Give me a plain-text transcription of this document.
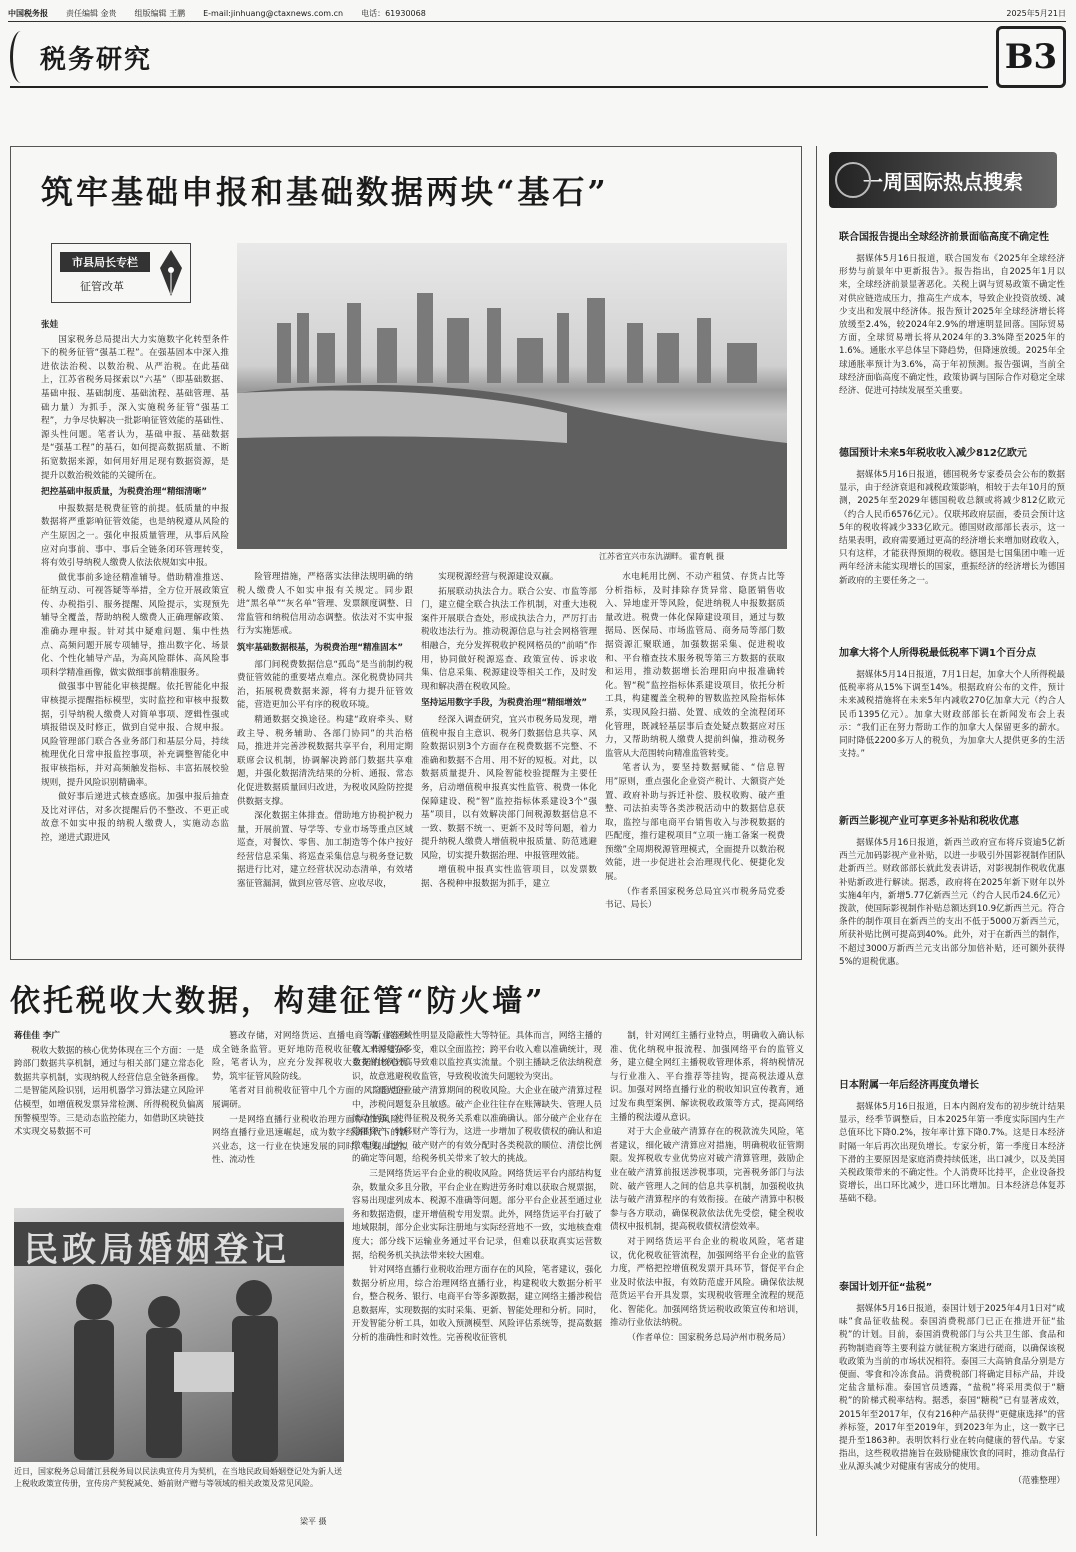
中国税务报 责任编辑 金贵 组版编辑 王鹏 E-mail:jinhuang@ctaxnews.com.cn 电话：61930068	2025年5月21日
税务研究	B3
筑牢基础申报和基础数据两块“基石”
市县局长专栏
征管改革
江苏省宜兴市东氿湖畔。 霍育帆 摄

张娃

国家税务总局提出大力实施数字化转型条件下的税务征管“强基工程”。在强基固本中深入推进依法治税、以数治税、从严治税。在此基础上，江苏省税务局探索以“六基”（即基础数据、基础申报、基础制度、基础流程、基础管理、基础力量）为抓手，深入实施税务征管“强基工程”，力争尽快解决一批影响征管效能的基础性、源头性问题。笔者认为，基础申报、基础数据是“强基工程”的基石，如何提高数据质量、不断拓宽数据来源，如何用好用足现有数据资源，是提升以数治税效能的关键所在。

把控基础申报质量，为税费治理“精细清晰”

申报数据是税费征管的前提。低质量的申报数据将严重影响征管效能，也是纳税遵从风险的产生原因之一。强化申报质量管理，从事后风险应对向事前、事中、事后全链条闭环管理转变，将有效引导纳税人缴费人依法依规如实申报。

做优事前多途径精准辅导。借助精准推送、征纳互动、可视答疑等举措，全方位开展政策宣传、办税指引、服务提醒、风险提示，实现预先辅导全覆盖，帮助纳税人缴费人正确理解政策、准确办理申报。针对其中疑难问题、集中性热点、高频问题开展专项辅导，推出数字化、场景化、个性化辅导产品，为高风险群体、高风险事项科学精准画像，做实做细事前精准服务。

做强事中智能化审核提醒。依托智能化申报审核提示提醒指标模型，实时监控和审核申报数据，引导纳税人缴费人对简单事项、逻辑性强或填报错误及时修正，做到自觉申报、合规申报。风险管理部门联合各业务部门和基层分局，持续梳理优化日常申报监控事项，补充调整智能化申报审核指标，并对高频触发指标、丰富拓展校验规则，提升风险识别精确率。

做好事后递进式核查感底。加强申报后抽查及比对评估，对多次提醒后仍不整改、不更正或故意不如实申报的纳税人缴费人，实施动态监控，递进式跟进风

险管理措施，严格落实法律法规明确的纳税人缴费人不如实申报有关规定。同步跟进“黑名单”“灰名单”管理、发票额度调整、日常监管和纳税信用动态调整。依法对不实申报行为实施惩戒。

筑牢基础数据根基，为税费治理“精准固本”

部门间税费数据信息“孤岛”是当前制约税费征管效能的重要堵点难点。深化税费协同共治，拓展税费数据来源，将有力提升征管效能，营造更加公平有序的税收环境。

精通数据交换途径。构建“政府牵头、财政主导、税务辅助、各部门协同”的共治格局，推进并完善涉税数据共享平台，利用定期联席会议机制，协调解决跨部门数据共享难题，并强化数据清洗结果的分析、通报、常态化促进数据质量回归改进，为税收风险防控提供数据支撑。

深化数据主体排查。借助地方协税护税力量，开展前置、导学等、专业市场等重点区域巡查，对餐饮、零售、加工制造等个体户按好经营信息采集、将巡查采集信息与税务登记数据进行比对，建立经营状况动态清单，有效堵塞征管漏洞，做到应管尽管、应收尽收，

实现税源经营与税源建设双赢。

拓展联动执法合力。联合公安、市监等部门，建立健全联合执法工作机制，对重大违税案件开展联合查处，形成执法合力，严厉打击税收违法行为。推动税源信息与社会网格管理相融合，充分发挥税收护税网格员的“前哨”作用，协同做好税源巡查、政策宣传、诉求收集、信息采集、税源建设等相关工作，及时发现和解决潜在税收风险。

坚持运用数字手段，为税费治理“精细增效”

经深入调查研究，宜兴市税务局发现，增值税申报自主意识、税务门数据信息共享、风险数据识别3个方面存在税费数据不完整、不准确和数据不合用、用不好的短板。对此，以数据质量提升、风险智能校验提醒为主要任务，启动增值税申报真实性监管、税费一体化保障建设、税“智”监控指标体系建设3个“强基”项目，以有效解决部门间税源数据信息不一致、数据不统一、更新不及时等问题，着力提升纳税人缴费人增值税申报质量、防范逃避风险，切实提升数据治理、申报管理效能。

增值税申报真实性监管项目，以发票数据、各税种申报数据为抓手，建立

水电耗用比例、不动产租赁、存货占比等分析指标，及时排除存货异常、隐匿销售收入、异地虚开等风险，促进纳税人申报数据质量改进。税费一体化保障建设项目，通过与数据局、医保局、市场监管局、商务局等部门数据资源汇聚联通，加强数据采集、促进税收和、平台稽查技术服务税等第三方数据的获取和运用，推动数据增长治理阳向申报准确转化。智“税”监控指标体系建设项目，依托分析工具，构建覆盖全税种的智数监控风险指标体系，实现风险扫描、处置、成效的全流程闭环化管理，既减轻基层事后查处疑点数据应对压力，又帮助纳税人缴费人提前纠偏，推动税务监管从大范围转向精准监管转变。

笔者认为，要坚持数据赋能、“信息智用”原则，重点强化企业资产税计、大额资产处置、政府补助与拆迁补偿、股权收购、破产重整、司法拍卖等各类涉税活动中的数据信息获取，监控与部电商平台销售收入与涉税数据的匹配度，推行建税项目“立项一施工备案一税费预缴”全周期税源管理模式，全面提升以数治税效能，进一步促进社会治理现代化、便捷化发展。

（作者系国家税务总局宜兴市税务局党委书记、局长）

依托税收大数据，构建征管“防火墙”

蒋佳佳 李广

税收大数据的核心优势体现在三个方面：一是跨部门数据共享机制，通过与相关部门建立常态化数据共享机制，实现纳税人经营信息全链条画像。二是智能风险识别，运用机器学习算法建立风险评估模型，如增值税发票异常检测、所得税税负偏离预警模型等。三是动态监控能力，如借助区块链技术实现交易数据不可

篡改存储，对网络货运、直播电商等新业态形成全链条监管。更好地防范税收征管工作中的风险，笔者认为，应充分发挥税收大数据的核心优势，筑牢征管风险防线。

笔者对目前税收征管中几个方面的风险隐患开展调研。

一是网络直播行业税收治理方面存在的风险。网络直播行业迅速崛起，成为数字经济时代下的新兴业态，这一行业在快速发展的同时，呈现出虚拟性、流动性

民政局婚姻登记
近日，国家税务总局蒲江县税务局以民法典宣传月为契机，在当地民政局婚姻登记处为新人送上税收政策宣传册，宣传房产契税减免、婚前财产赠与等领域的相关政策及常见风险。
梁平 摄

高、跨区域性明显及隐蔽性大等特征。具体而言，网络主播的收入来源复杂多变，难以全面监控；跨平台收入难以准确统计，现金支付比例较高导致难以监控真实流量。个别主播缺乏依法纳税意识，故意逃避税收监管，导致税收流失问题较为突出。

二是大企业破产清算期间的税收风险。大企业在破产清算过程中，涉税问题复杂且敏感。破产企业往往存在账簿缺失、管理人员流动性强，使得征税及税务关系难以准确确认。部分破产企业存在隐匿资产、转移财产等行为，这进一步增加了税收债权的确认和追缴难度。此外，破产财产的有效分配时各类税款的顺位、清偿比例的确定等问题，给税务机关带来了较大的挑战。

三是网络货运平台企业的税收风险。网络货运平台内部结构复杂，数量众多且分散，平台企业在购进劳务时难以获取合规票据，容易出现虚列成本、税源不准确等问题。部分平台企业甚至通过业务和数据造假，虚开增值税专用发票。此外，网络货运平台打破了地域限制，部分企业实际注册地与实际经营地不一致，实地核查难度大；部分线下运输业务通过平台记录，但难以获取真实运营数据，给税务机关执法带来较大困难。

针对网络直播行业税收治理方面存在的风险，笔者建议，强化数据分析应用，综合治理网络直播行业，构建税收大数据分析平台，整合税务、银行、电商平台等多源数据，建立网络主播涉税信息数据库，实现数据的实时采集、更新、智能处理和分析。同时，开发智能分析工具，如收入预测模型、风险评估系统等，提高数据分析的准确性和时效性。完善税收征管机

制，针对网红主播行业特点，明确收入确认标准、优化纳税申报流程、加强网络平台的监管义务，建立健全网红主播税收管理体系，将纳税情况与行业准入、平台推荐等挂钩，提高税法遵从意识。加强对网络直播行业的税收知识宣传教育，通过发布典型案例、解读税收政策等方式，提高网络主播的税法遵从意识。

对于大企业破产清算存在的税款流失风险，笔者建议，细化破产清算应对措施，明确税收征管期限。发挥税收专业优势应对破产清算管理，鼓励企业在破产清算前报送涉税事项，完善税务部门与法院、破产管理人之间的信息共享机制，加强税收执法与破产清算程序的有效衔接。在破产清算中积极参与各方联动，确保税款依法优先受偿，健全税收债权申报机制，提高税收债权清偿效率。

对于网络货运平台企业的税收风险，笔者建议，优化税收征管流程，加强网络平台企业的监管力度，严格把控增值税发票开具环节，督促平台企业及时依法申报，有效防范虚开风险。确保依法规范货运平台开具发票，实现税收管理全流程的规范化、智能化。加强网络货运税收政策宣传和培训，推动行业依法纳税。

（作者单位：国家税务总局泸州市税务局）

一周国际热点搜索
联合国报告提出全球经济前景面临高度不确定性

据媒体5月16日报道，联合国发布《2025年全球经济形势与前景年中更新报告》。报告指出，自2025年1月以来，全球经济前景显著恶化。关税上调与贸易政策不确定性对供应链造成压力，推高生产成本，导致企业投资放缓、减少支出和发展中经济体。报告预计2025年全球经济增长将放缓至2.4%，较2024年2.9%的增速明显回落。国际贸易方面，全球贸易增长将从2024年的3.3%降至2025年的1.6%。通胀水平总体呈下降趋势，但降速放缓。2025年全球通胀率预计为3.6%，高于年初预测。报告强调，当前全球经济面临高度不确定性，政策协调与国际合作对稳定全球经济、促进可持续发展至关重要。

德国预计未来5年税收收入减少812亿欧元

据媒体5月16日报道，德国税务专家委员会公布的数据显示，由于经济衰退和减税政策影响，相较于去年10月的预测，2025年至2029年德国税收总额或将减少812亿欧元（约合人民币6576亿元）。仅联邦政府层面，委员会预计这5年的税收将减少333亿欧元。德国财政部部长表示，这一结果表明，政府需要通过更高的经济增长来增加财政收入，只有这样，才能获得预期的税收。德国是七国集团中唯一近两年经济未能实现增长的国家，重振经济的经济增长为德国新政府的主要任务之一。

加拿大将个人所得税最低税率下调1个百分点

据媒体5月14日报道，7月1日起，加拿大个人所得税最低税率将从15%下调至14%。根据政府公布的文件，预计未来减税措施将在未来5年内减收270亿加拿大元（约合人民币1395亿元）。加拿大财政部部长在新闻发布会上表示：“我们正在努力帮助工作的加拿大人保留更多的薪水。同时降低2200多万人的税负，为加拿大人提供更多的生活支持。”

新西兰影视产业可享更多补贴和税收优惠

据媒体5月16日报道，新西兰政府宣布将斥资逾5亿新西兰元加码影视产业补贴，以进一步吸引外国影视制作团队赴新西兰。财政部部长就此发表讲话，对影视制作税收优惠补贴新政进行解读。据悉，政府将在2025年新下财年以外实施4年内，新增5.77亿新西兰元（约合人民币24.6亿元）拨款，使国际影视制作补贴总额达到10.9亿新西兰元。符合条件的制作项目在新西兰的支出不低于5000万新西兰元，所获补贴比例可提高到40%。此外，对于在新西兰的制作，不超过3000万新西兰元支出部分加倍补贴，还可额外获得5%的退税优惠。

日本附属一年后经济再度负增长

据媒体5月16日报道，日本内阁府发布的初步统计结果显示，经季节调整后，日本2025年第一季度实际国内生产总值环比下降0.2%，按年率计算下降0.7%。这是日本经济时隔一年后再次出现负增长。专家分析，第一季度日本经济下滑的主要原因是家庭消费持续低迷，出口减少，以及美国关税政策带来的不确定性。个人消费环比持平，企业设备投资增长，出口环比减少，进口环比增加。日本经济总体复苏基础不稳。

泰国计划开征“盐税”

据媒体5月16日报道，泰国计划于2025年4月1日对“咸味”食品征收盐税。泰国消费税部门已正在推进开征“盐税”的计划。目前，泰国消费税部门与公共卫生部、食品和药物制造商等主要利益方就征税方案进行磋商，以确保该税收政策为当前的市场状况相符。泰国三大高钠食品分别是方便面、零食和冷冻食品。消费税部门将确定目标产品，并设定盐含量标准。泰国官员透露，“盐税”将采用类似于“糖税”的阶梯式税率结构。据悉，泰国“糖税”已有显著成效，2015年至2017年，仅有216种产品获得“更健康选择”的营养标签，2017年至2019年，到2023年为止，这一数字已提升至1863种。表明饮料行业在转向健康的替代品。专家指出，这些税收措施旨在鼓励健康饮食的同时，推动食品行业从源头减少对健康有害成分的使用。

（范雅整理）
